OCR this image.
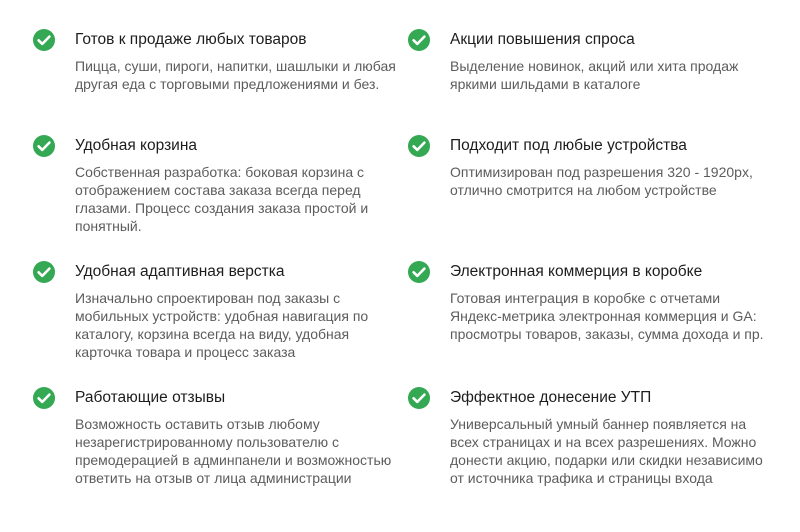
Готов к продаже любых товаров

Пицца, суши, пироги, напитки, шашлыки и любая другая еда с торговыми предложениями и без.

Акции повышения спроса

Выделение новинок, акций или хита продаж яркими шильдами в каталоге

Удобная корзина

Собственная разработка: боковая корзина с отображением состава заказа всегда перед глазами. Процесс создания заказа простой и понятный.

Подходит под любые устройства

Оптимизирован под разрешения 320 - 1920px, отлично смотрится на любом устройстве

Удобная адаптивная верстка

Изначально спроектирован под заказы с мобильных устройств: удобная навигация по каталогу, корзина всегда на виду, удобная карточка товара и процесс заказа

Электронная коммерция в коробке

Готовая интеграция в коробке с отчетами Яндекс-метрика электронная коммерция и GA: просмотры товаров, заказы, сумма дохода и пр.

Работающие отзывы

Возможность оставить отзыв любому незарегистрированному пользователю с премодерацией в админпанели и возможностью ответить на отзыв от лица администрации

Эффектное донесение УТП

Универсальный умный баннер появляется на всех страницах и на всех разрешениях. Можно донести акцию, подарки или скидки независимо от источника трафика и страницы входа
